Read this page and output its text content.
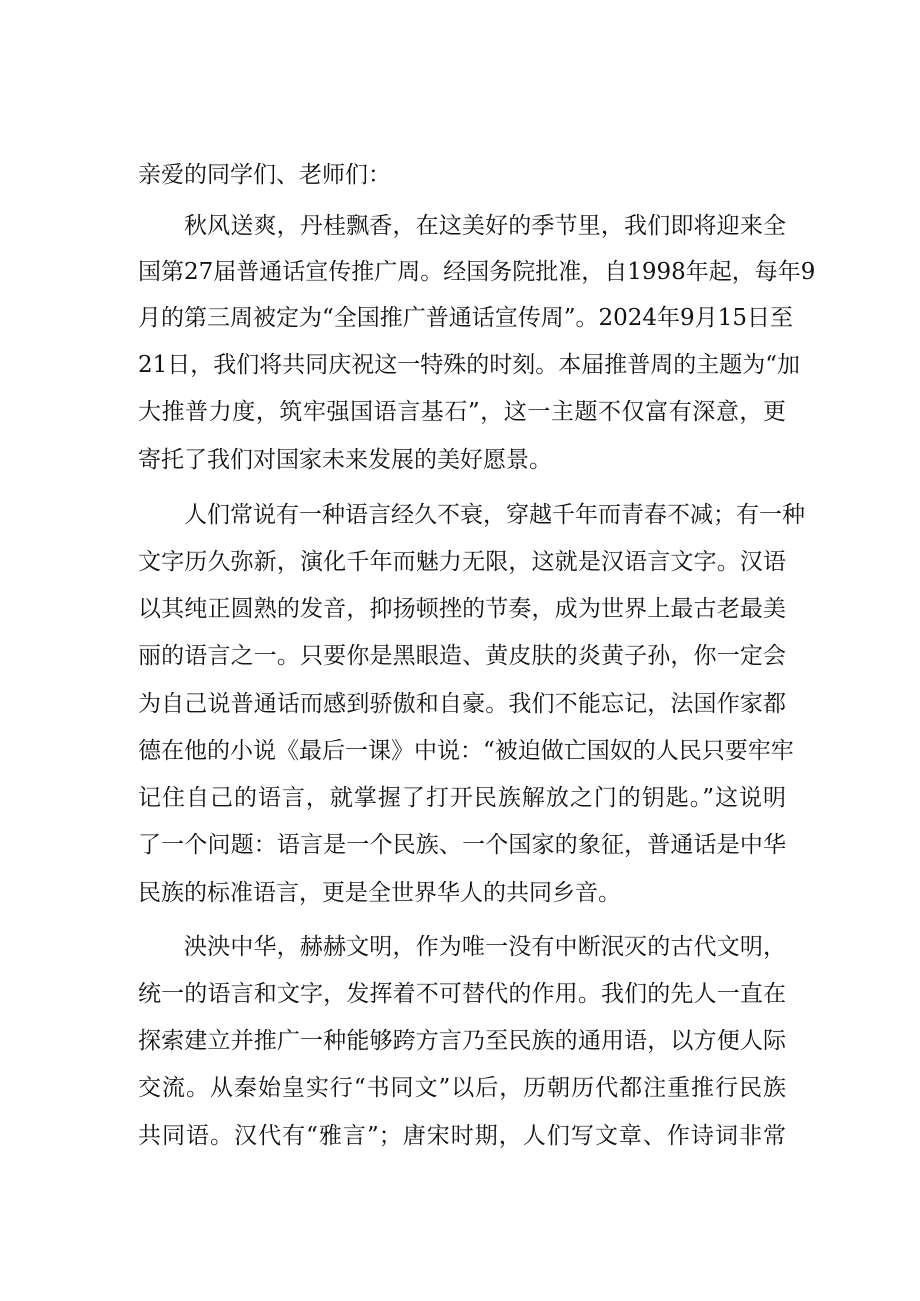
亲爱的同学们、老师们：

秋风送爽，丹桂飘香，在这美好的季节里，我们即将迎来全

国第27届普通话宣传推广周。经国务院批准，自1998年起，每年9

月的第三周被定为“全国推广普通话宣传周”。2024年9月15日至

21日，我们将共同庆祝这一特殊的时刻。本届推普周的主题为“加

大推普力度，筑牢强国语言基石”，这一主题不仅富有深意，更

寄托了我们对国家未来发展的美好愿景。

人们常说有一种语言经久不衰，穿越千年而青春不减；有一种

文字历久弥新，演化千年而魅力无限，这就是汉语言文字。汉语

以其纯正圆熟的发音，抑扬顿挫的节奏，成为世界上最古老最美

丽的语言之一。只要你是黑眼造、黄皮肤的炎黄子孙，你一定会

为自己说普通话而感到骄傲和自豪。我们不能忘记，法国作家都

德在他的小说《最后一课》中说：“被迫做亡国奴的人民只要牢牢

记住自己的语言，就掌握了打开民族解放之门的钥匙。”这说明

了一个问题：语言是一个民族、一个国家的象征，普通话是中华

民族的标准语言，更是全世界华人的共同乡音。

泱泱中华，赫赫文明，作为唯一没有中断泯灭的古代文明，

统一的语言和文字，发挥着不可替代的作用。我们的先人一直在

探索建立并推广一种能够跨方言乃至民族的通用语，以方便人际

交流。从秦始皇实行“书同文”以后，历朝历代都注重推行民族

共同语。汉代有“雅言”；唐宋时期，人们写文章、作诗词非常
